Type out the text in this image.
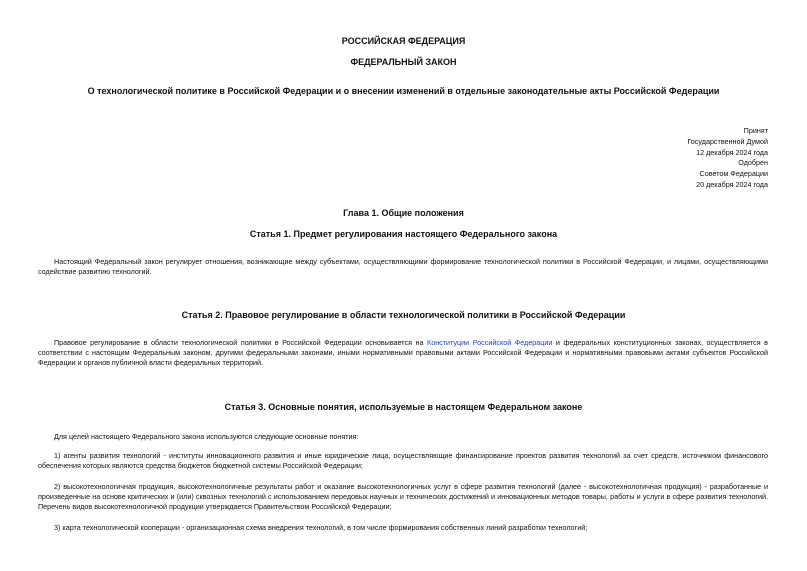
РОССИЙСКАЯ ФЕДЕРАЦИЯ
ФЕДЕРАЛЬНЫЙ ЗАКОН
О технологической политике в Российской Федерации и о внесении изменений в отдельные законодательные акты Российской Федерации
Принят
Государственной Думой
12 декабря 2024 года
Одобрен
Советом Федерации
20 декабря 2024 года
Глава 1. Общие положения
Статья 1. Предмет регулирования настоящего Федерального закона
Настоящий Федеральный закон регулирует отношения, возникающие между субъектами, осуществляющими формирование технологической политики в Российской Федерации, и лицами, осуществляющими содействие развитию технологий.
Статья 2. Правовое регулирование в области технологической политики в Российской Федерации
Правовое регулирование в области технологической политики в Российской Федерации основывается на Конституции Российской Федерации и федеральных конституционных законах, осуществляется в соответствии с настоящим Федеральным законом, другими федеральными законами, иными нормативными правовыми актами Российской Федерации и нормативными правовыми актами субъектов Российской Федерации и органов публичной власти федеральных территорий.
Статья 3. Основные понятия, используемые в настоящем Федеральном законе
Для целей настоящего Федерального закона используются следующие основные понятия:
1) агенты развития технологий - институты инновационного развития и иные юридические лица, осуществляющие финансирование проектов развития технологий за счет средств, источником финансового обеспечения которых являются средства бюджетов бюджетной системы Российской Федерации;
2) высокотехнологичная продукция, высокотехнологичные результаты работ и оказание высокотехнологичных услуг в сфере развития технологий (далее - высокотехнологичная продукция) - разработанные и произведенные на основе критических и (или) сквозных технологий с использованием передовых научных и технических достижений и инновационных методов товары, работы и услуги в сфере развития технологий. Перечень видов высокотехнологичной продукции утверждается Правительством Российской Федерации;
3) карта технологической кооперации - организационная схема внедрения технологий, в том числе формирования собственных линий разработки технологий;
